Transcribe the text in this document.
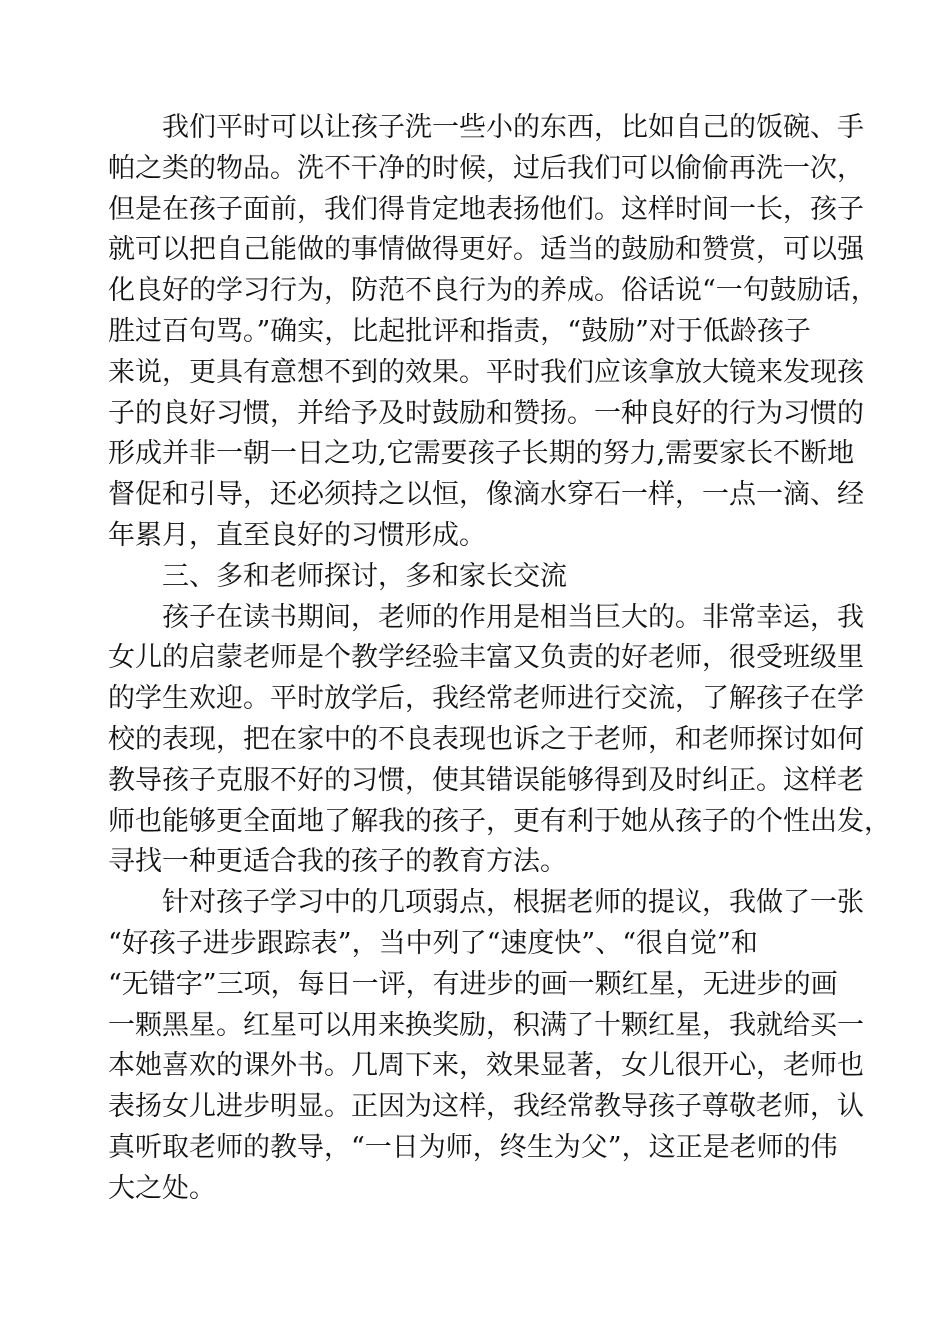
我们平时可以让孩子洗一些小的东西，比如自己的饭碗、手
帕之类的物品。洗不干净的时候，过后我们可以偷偷再洗一次，
但是在孩子面前，我们得肯定地表扬他们。这样时间一长，孩子
就可以把自己能做的事情做得更好。适当的鼓励和赞赏，可以强
化良好的学习行为，防范不良行为的养成。俗话说“一句鼓励话，
胜过百句骂。”确实，比起批评和指责，“鼓励”对于低龄孩子
来说，更具有意想不到的效果。平时我们应该拿放大镜来发现孩
子的良好习惯，并给予及时鼓励和赞扬。一种良好的行为习惯的
形成并非一朝一日之功,它需要孩子长期的努力,需要家长不断地
督促和引导，还必须持之以恒，像滴水穿石一样，一点一滴、经
年累月，直至良好的习惯形成。
三、多和老师探讨，多和家长交流
孩子在读书期间，老师的作用是相当巨大的。非常幸运，我
女儿的启蒙老师是个教学经验丰富又负责的好老师，很受班级里
的学生欢迎。平时放学后，我经常老师进行交流，了解孩子在学
校的表现，把在家中的不良表现也诉之于老师，和老师探讨如何
教导孩子克服不好的习惯，使其错误能够得到及时纠正。这样老
师也能够更全面地了解我的孩子，更有利于她从孩子的个性出发，
寻找一种更适合我的孩子的教育方法。
针对孩子学习中的几项弱点，根据老师的提议，我做了一张
“好孩子进步跟踪表”，当中列了“速度快”、“很自觉”和
“无错字”三项，每日一评，有进步的画一颗红星，无进步的画
一颗黑星。红星可以用来换奖励，积满了十颗红星，我就给买一
本她喜欢的课外书。几周下来，效果显著，女儿很开心，老师也
表扬女儿进步明显。正因为这样，我经常教导孩子尊敬老师，认
真听取老师的教导，“一日为师，终生为父”，这正是老师的伟
大之处。
